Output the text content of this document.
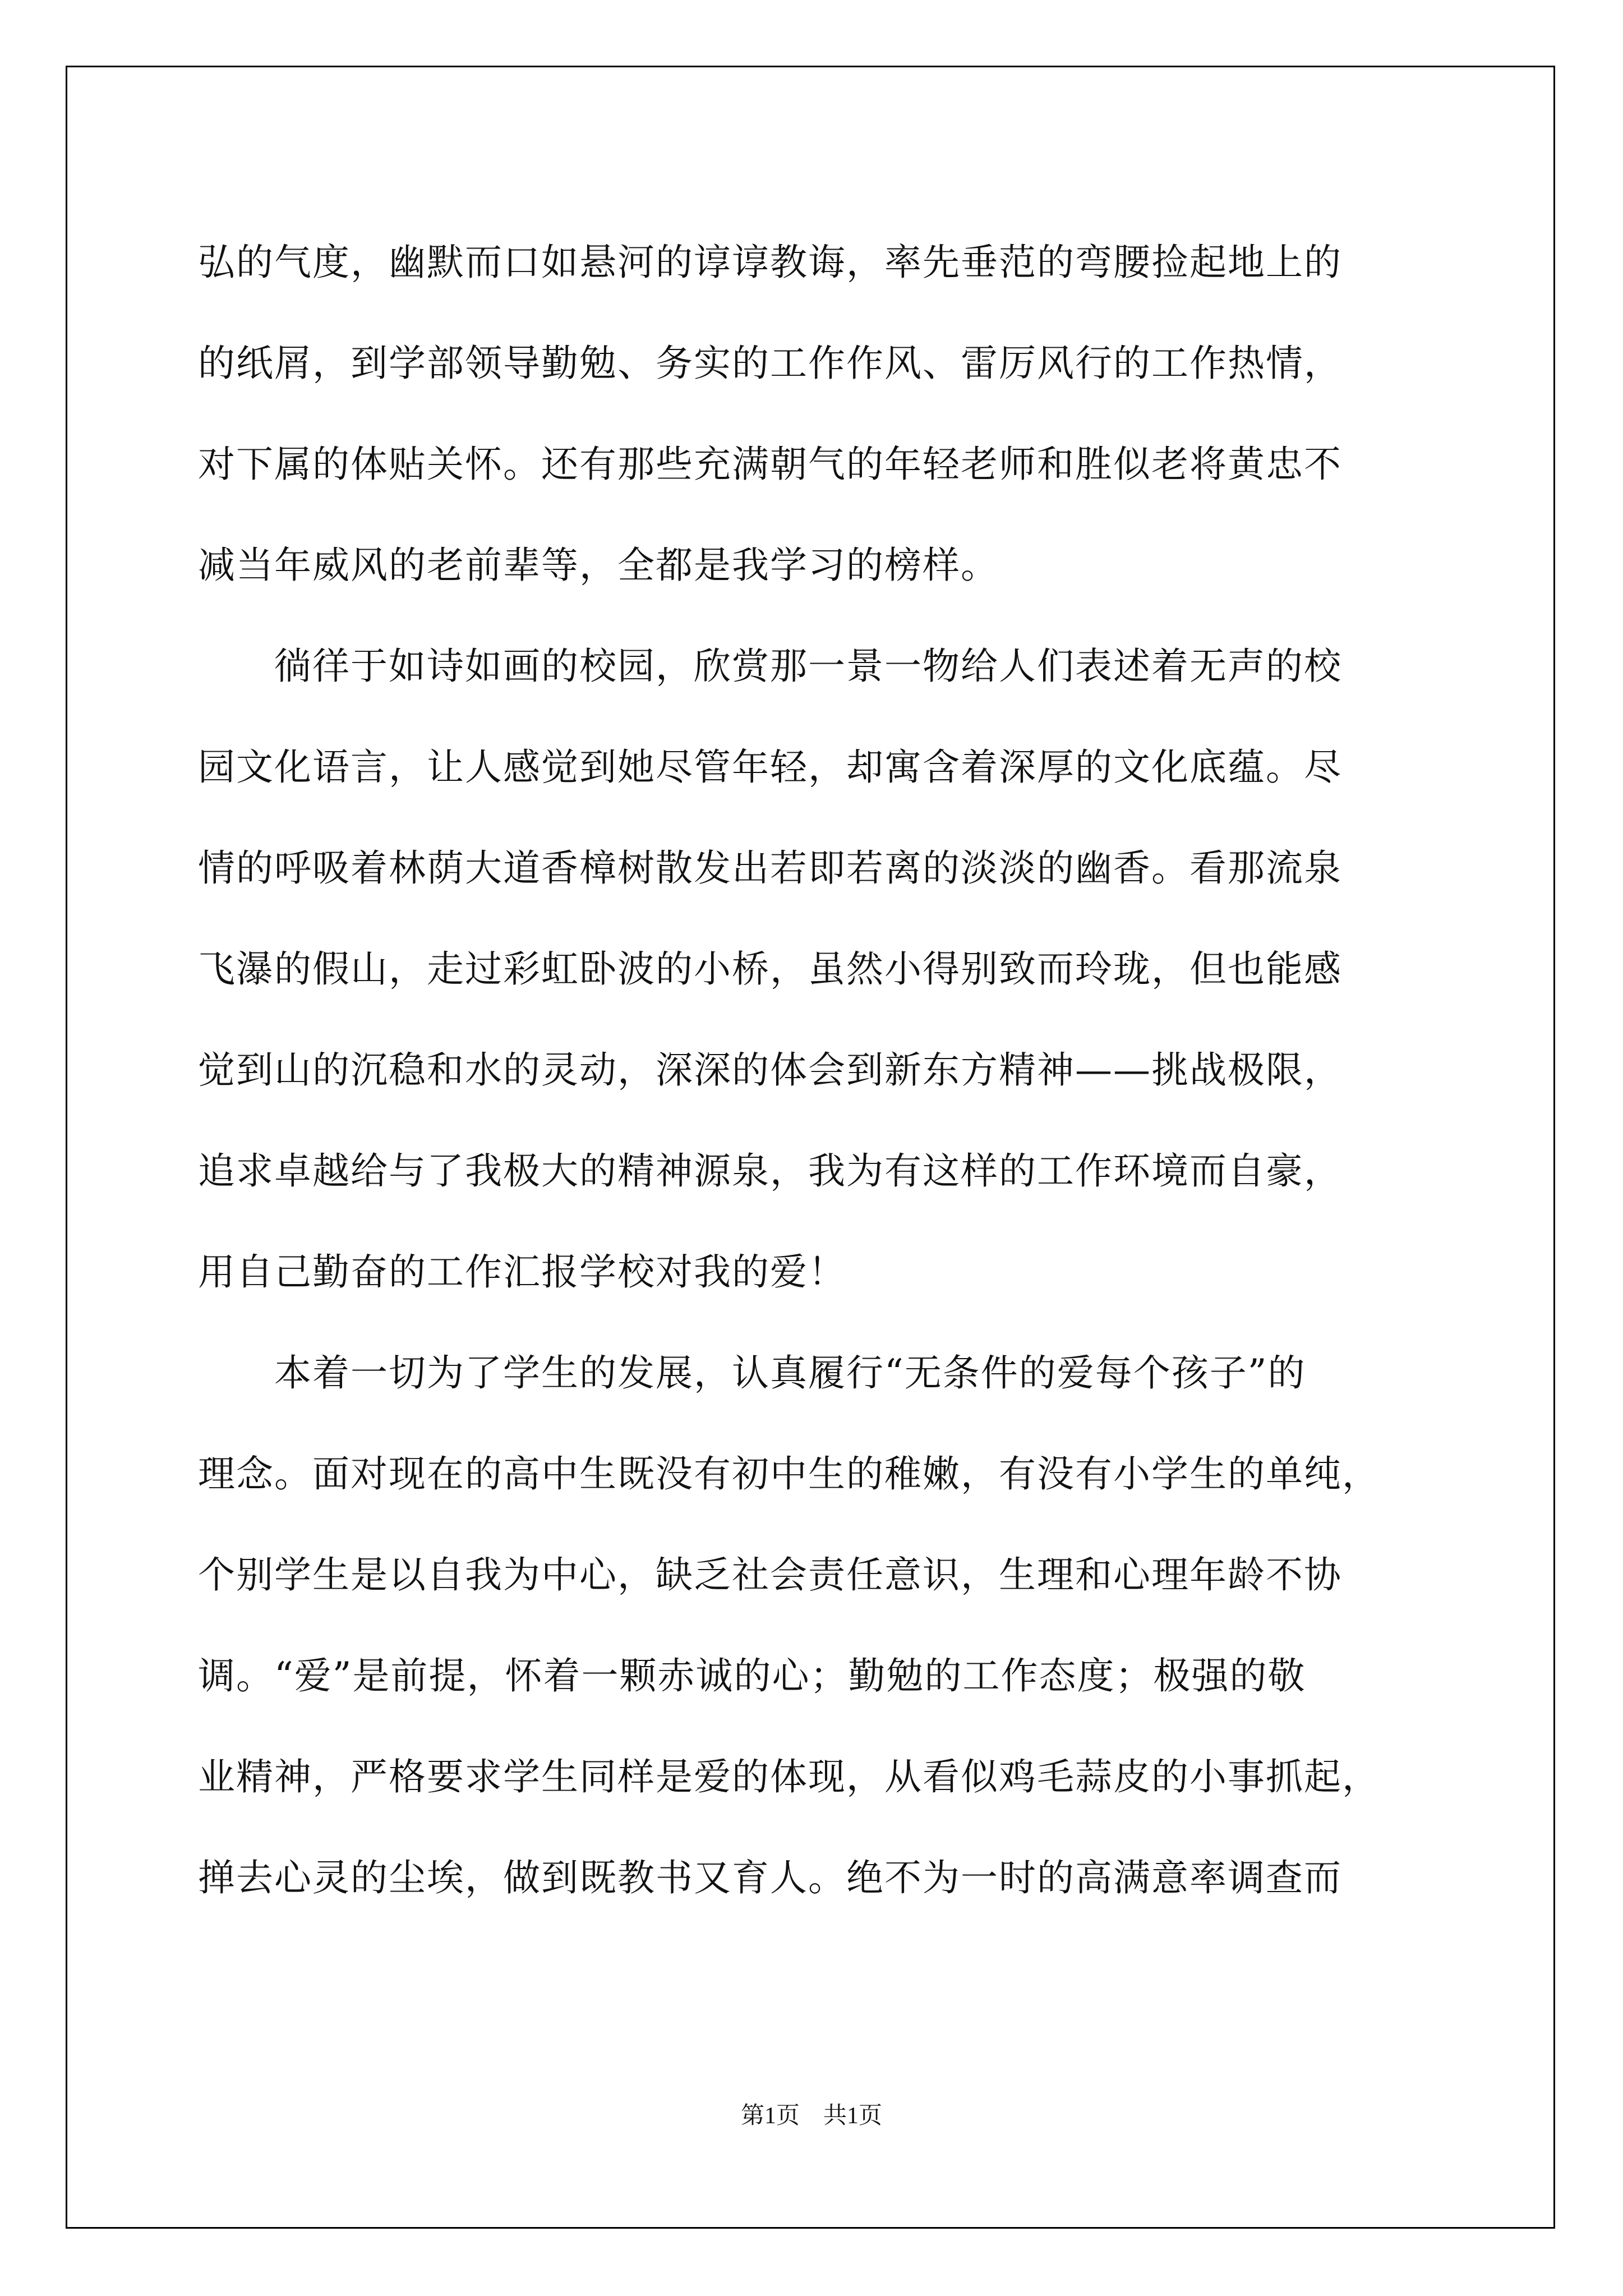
弘的气度，幽默而口如悬河的谆谆教诲，率先垂范的弯腰捡起地上的
的纸屑，到学部领导勤勉、务实的工作作风、雷厉风行的工作热情，
对下属的体贴关怀。还有那些充满朝气的年轻老师和胜似老将黄忠不
减当年威风的老前辈等，全都是我学习的榜样。
　　徜徉于如诗如画的校园，欣赏那一景一物给人们表述着无声的校
园文化语言，让人感觉到她尽管年轻，却寓含着深厚的文化底蕴。尽
情的呼吸着林荫大道香樟树散发出若即若离的淡淡的幽香。看那流泉
飞瀑的假山，走过彩虹卧波的小桥，虽然小得别致而玲珑，但也能感
觉到山的沉稳和水的灵动，深深的体会到新东方精神——挑战极限，
追求卓越给与了我极大的精神源泉，我为有这样的工作环境而自豪，
用自己勤奋的工作汇报学校对我的爱！
　　本着一切为了学生的发展，认真履行“无条件的爱每个孩子”的
理念。面对现在的高中生既没有初中生的稚嫩，有没有小学生的单纯，
个别学生是以自我为中心，缺乏社会责任意识，生理和心理年龄不协
调。“爱”是前提，怀着一颗赤诚的心；勤勉的工作态度；极强的敬
业精神，严格要求学生同样是爱的体现，从看似鸡毛蒜皮的小事抓起，
掸去心灵的尘埃，做到既教书又育人。绝不为一时的高满意率调查而
第1页 共1页
